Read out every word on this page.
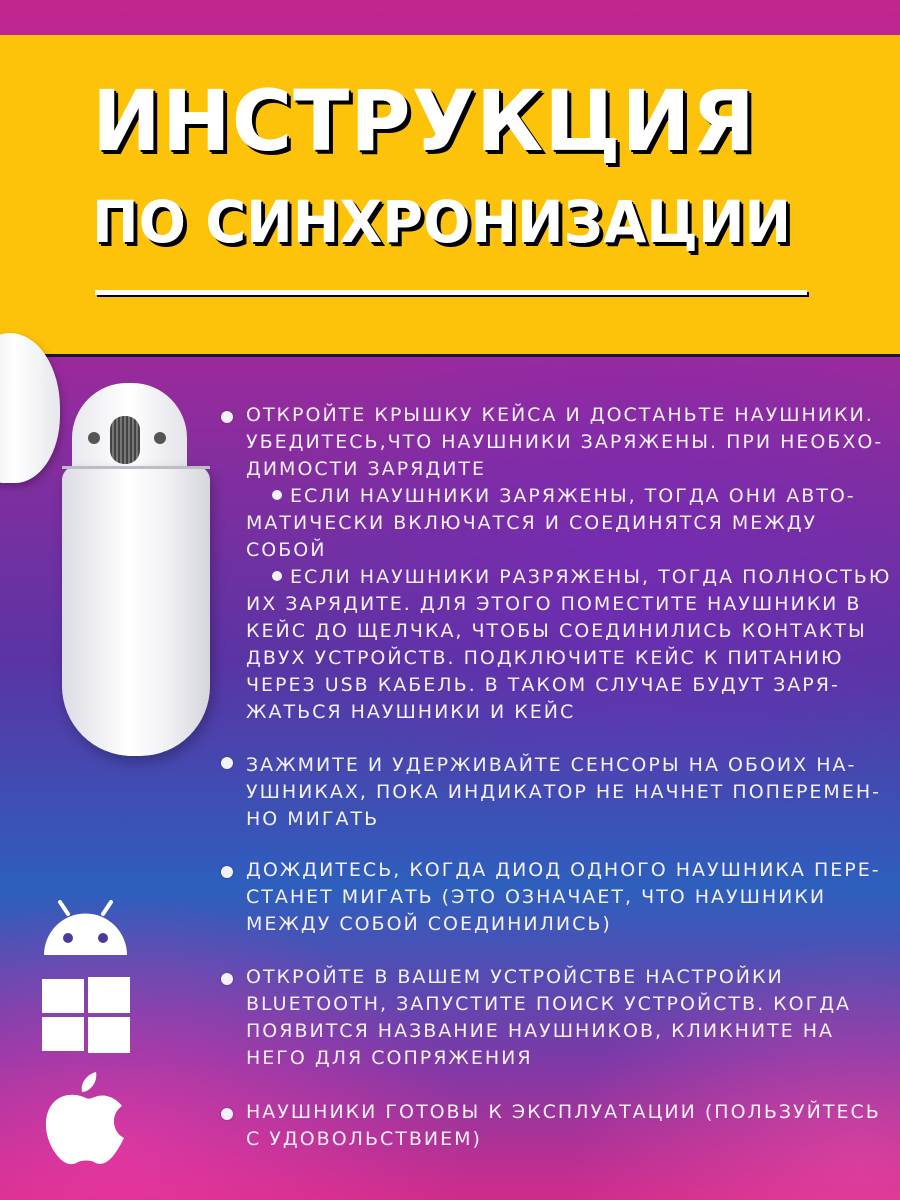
ИНСТРУКЦИЯ
ПО СИНХРОНИЗАЦИИ
ОТКРОЙТЕ КРЫШКУ КЕЙСА И ДОСТАНЬТЕ НАУШНИКИ.
УБЕДИТЕСЬ,ЧТО НАУШНИКИ ЗАРЯЖЕНЫ. ПРИ НЕОБХО-
ДИМОСТИ ЗАРЯДИТЕ
ЕСЛИ НАУШНИКИ ЗАРЯЖЕНЫ, ТОГДА ОНИ АВТО-
МАТИЧЕСКИ ВКЛЮЧАТСЯ И СОЕДИНЯТСЯ МЕЖДУ
СОБОЙ
ЕСЛИ НАУШНИКИ РАЗРЯЖЕНЫ, ТОГДА ПОЛНОСТЬЮ
ИХ ЗАРЯДИТЕ. ДЛЯ ЭТОГО ПОМЕСТИТЕ НАУШНИКИ В
КЕЙС ДО ЩЕЛЧКА, ЧТОБЫ СОЕДИНИЛИСЬ КОНТАКТЫ
ДВУХ УСТРОЙСТВ. ПОДКЛЮЧИТЕ КЕЙС К ПИТАНИЮ
ЧЕРЕЗ USB КАБЕЛЬ. В ТАКОМ СЛУЧАЕ БУДУТ ЗАРЯ-
ЖАТЬСЯ НАУШНИКИ И КЕЙС
ЗАЖМИТЕ И УДЕРЖИВАЙТЕ СЕНСОРЫ НА ОБОИХ НА-
УШНИКАХ, ПОКА ИНДИКАТОР НЕ НАЧНЕТ ПОПЕРЕМЕН-
НО МИГАТЬ
ДОЖДИТЕСЬ, КОГДА ДИОД ОДНОГО НАУШНИКА ПЕРЕ-
СТАНЕТ МИГАТЬ (ЭТО ОЗНАЧАЕТ, ЧТО НАУШНИКИ
МЕЖДУ СОБОЙ СОЕДИНИЛИСЬ)
ОТКРОЙТЕ В ВАШЕМ УСТРОЙСТВЕ НАСТРОЙКИ
BLUETOOTH, ЗАПУСТИТЕ ПОИСК УСТРОЙСТВ. КОГДА
ПОЯВИТСЯ НАЗВАНИЕ НАУШНИКОВ, КЛИКНИТЕ НА
НЕГО ДЛЯ СОПРЯЖЕНИЯ
НАУШНИКИ ГОТОВЫ К ЭКСПЛУАТАЦИИ (ПОЛЬЗУЙТЕСЬ
С УДОВОЛЬСТВИЕМ)
